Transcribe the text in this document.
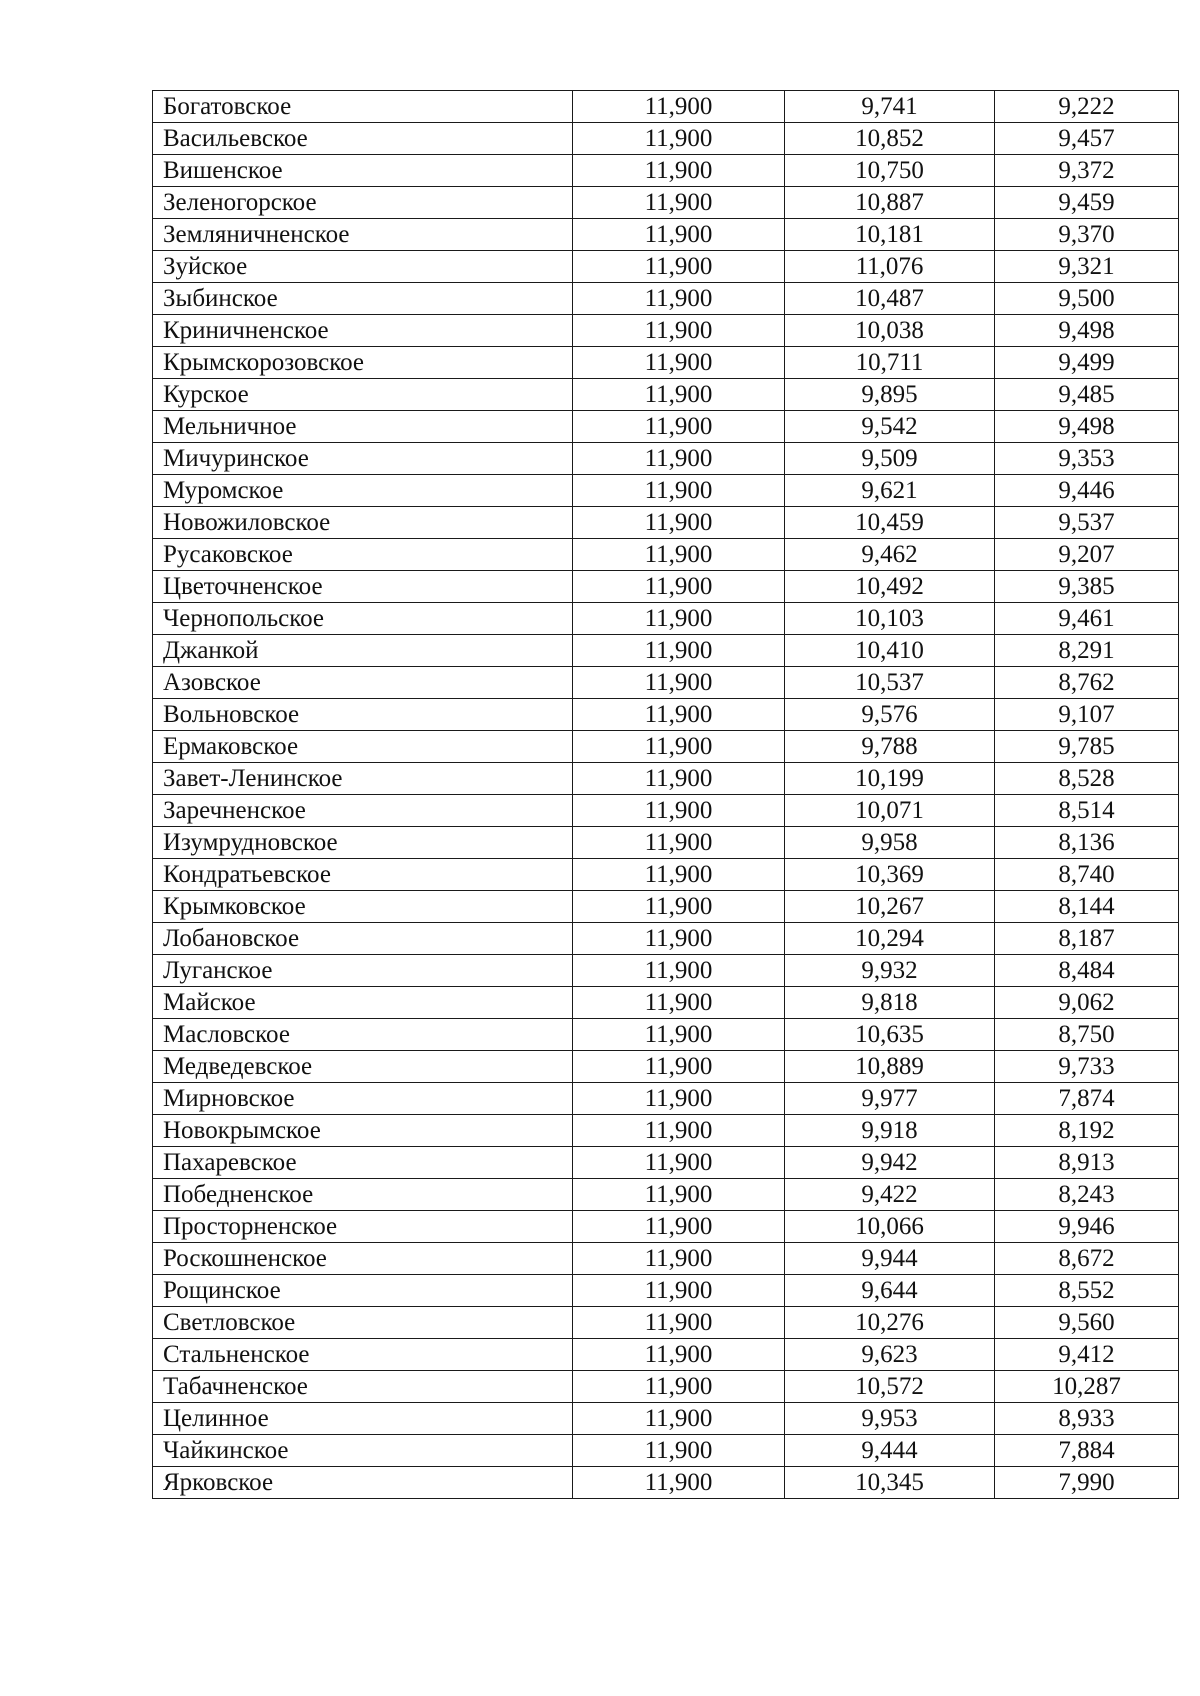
Богатовское	11,900	9,741	9,222
Васильевское	11,900	10,852	9,457
Вишенское	11,900	10,750	9,372
Зеленогорское	11,900	10,887	9,459
Земляничненское	11,900	10,181	9,370
Зуйское	11,900	11,076	9,321
Зыбинское	11,900	10,487	9,500
Криничненское	11,900	10,038	9,498
Крымскорозовское	11,900	10,711	9,499
Курское	11,900	9,895	9,485
Мельничное	11,900	9,542	9,498
Мичуринское	11,900	9,509	9,353
Муромское	11,900	9,621	9,446
Новожиловское	11,900	10,459	9,537
Русаковское	11,900	9,462	9,207
Цветочненское	11,900	10,492	9,385
Чернопольское	11,900	10,103	9,461
Джанкой	11,900	10,410	8,291
Азовское	11,900	10,537	8,762
Вольновское	11,900	9,576	9,107
Ермаковское	11,900	9,788	9,785
Завет-Ленинское	11,900	10,199	8,528
Заречненское	11,900	10,071	8,514
Изумрудновское	11,900	9,958	8,136
Кондратьевское	11,900	10,369	8,740
Крымковское	11,900	10,267	8,144
Лобановское	11,900	10,294	8,187
Луганское	11,900	9,932	8,484
Майское	11,900	9,818	9,062
Масловское	11,900	10,635	8,750
Медведевское	11,900	10,889	9,733
Мирновское	11,900	9,977	7,874
Новокрымское	11,900	9,918	8,192
Пахаревское	11,900	9,942	8,913
Победненское	11,900	9,422	8,243
Просторненское	11,900	10,066	9,946
Роскошненское	11,900	9,944	8,672
Рощинское	11,900	9,644	8,552
Светловское	11,900	10,276	9,560
Стальненское	11,900	9,623	9,412
Табачненское	11,900	10,572	10,287
Целинное	11,900	9,953	8,933
Чайкинское	11,900	9,444	7,884
Ярковское	11,900	10,345	7,990
